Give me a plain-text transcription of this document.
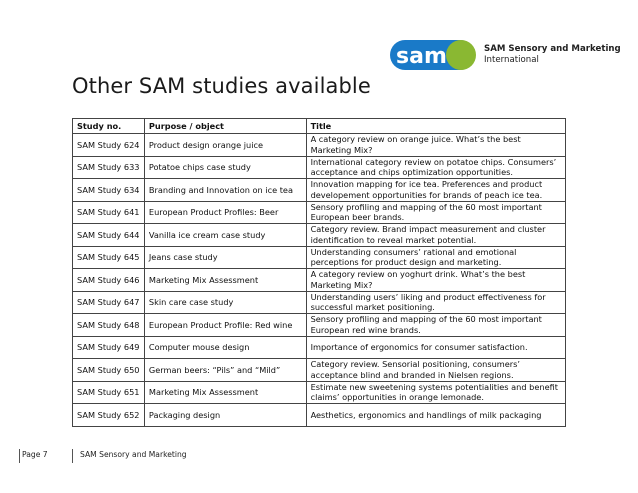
sam	SAM Sensory and Marketing
International
Other SAM studies available
Study no.	Purpose / object	Title
SAM Study 624	Product design orange juice	A category review on orange juice. What’s the best
Marketing Mix?

SAM Study 633	Potatoe chips case study	International category review on potatoe chips. Consumers’
acceptance and chips optimization opportunities.

SAM Study 634	Branding and Innovation on ice tea	Innovation mapping for ice tea. Preferences and product
developement opportunities for brands of peach ice tea.

SAM Study 641	European Product Profiles: Beer	Sensory profiling and mapping of the 60 most important
European beer brands.

SAM Study 644	Vanilla ice cream case study	Category review. Brand impact measurement and cluster
identification to reveal market potential.

SAM Study 645	Jeans case study	Understanding consumers’ rational and emotional
perceptions for product design and marketing.

SAM Study 646	Marketing Mix Assessment	A category review on yoghurt drink. What’s the best
Marketing Mix?

SAM Study 647	Skin care case study	Understanding users’ liking and product effectiveness for
successful market positioning.

SAM Study 648	European Product Profile: Red wine	Sensory profiling and mapping of the 60 most important
European red wine brands.

SAM Study 649	Computer mouse design	Importance of ergonomics for consumer satisfaction.

SAM Study 650	German beers: “Pils” and “Mild”	Category review. Sensorial positioning, consumers’
acceptance blind and branded in Nielsen regions.

SAM Study 651	Marketing Mix Assessment	Estimate new sweetening systems potentialities and benefit
claims’ opportunities in orange lemonade.

SAM Study 652	Packaging design	Aesthetics, ergonomics and handlings of milk packaging
Page 7	SAM Sensory and Marketing
